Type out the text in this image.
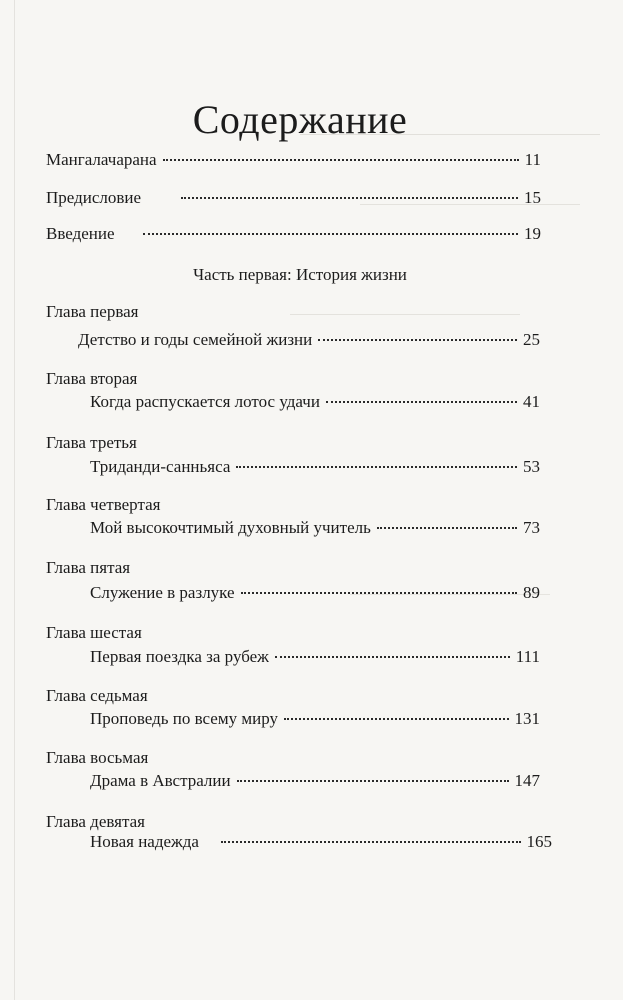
Содержание
Мангалачарана	11
Предисловие	15
Введение	19
Часть первая: История жизни
Глава первая
Детство и годы семейной жизни	25
Глава вторая
Когда распускается лотос удачи	41
Глава третья
Триданди-санньяса	53
Глава четвертая
Мой высокочтимый духовный учитель	73
Глава пятая
Служение в разлуке	89
Глава шестая
Первая поездка за рубеж	111
Глава седьмая
Проповедь по всему миру	131
Глава восьмая
Драма в Австралии	147
Глава девятая
Новая надежда	165
